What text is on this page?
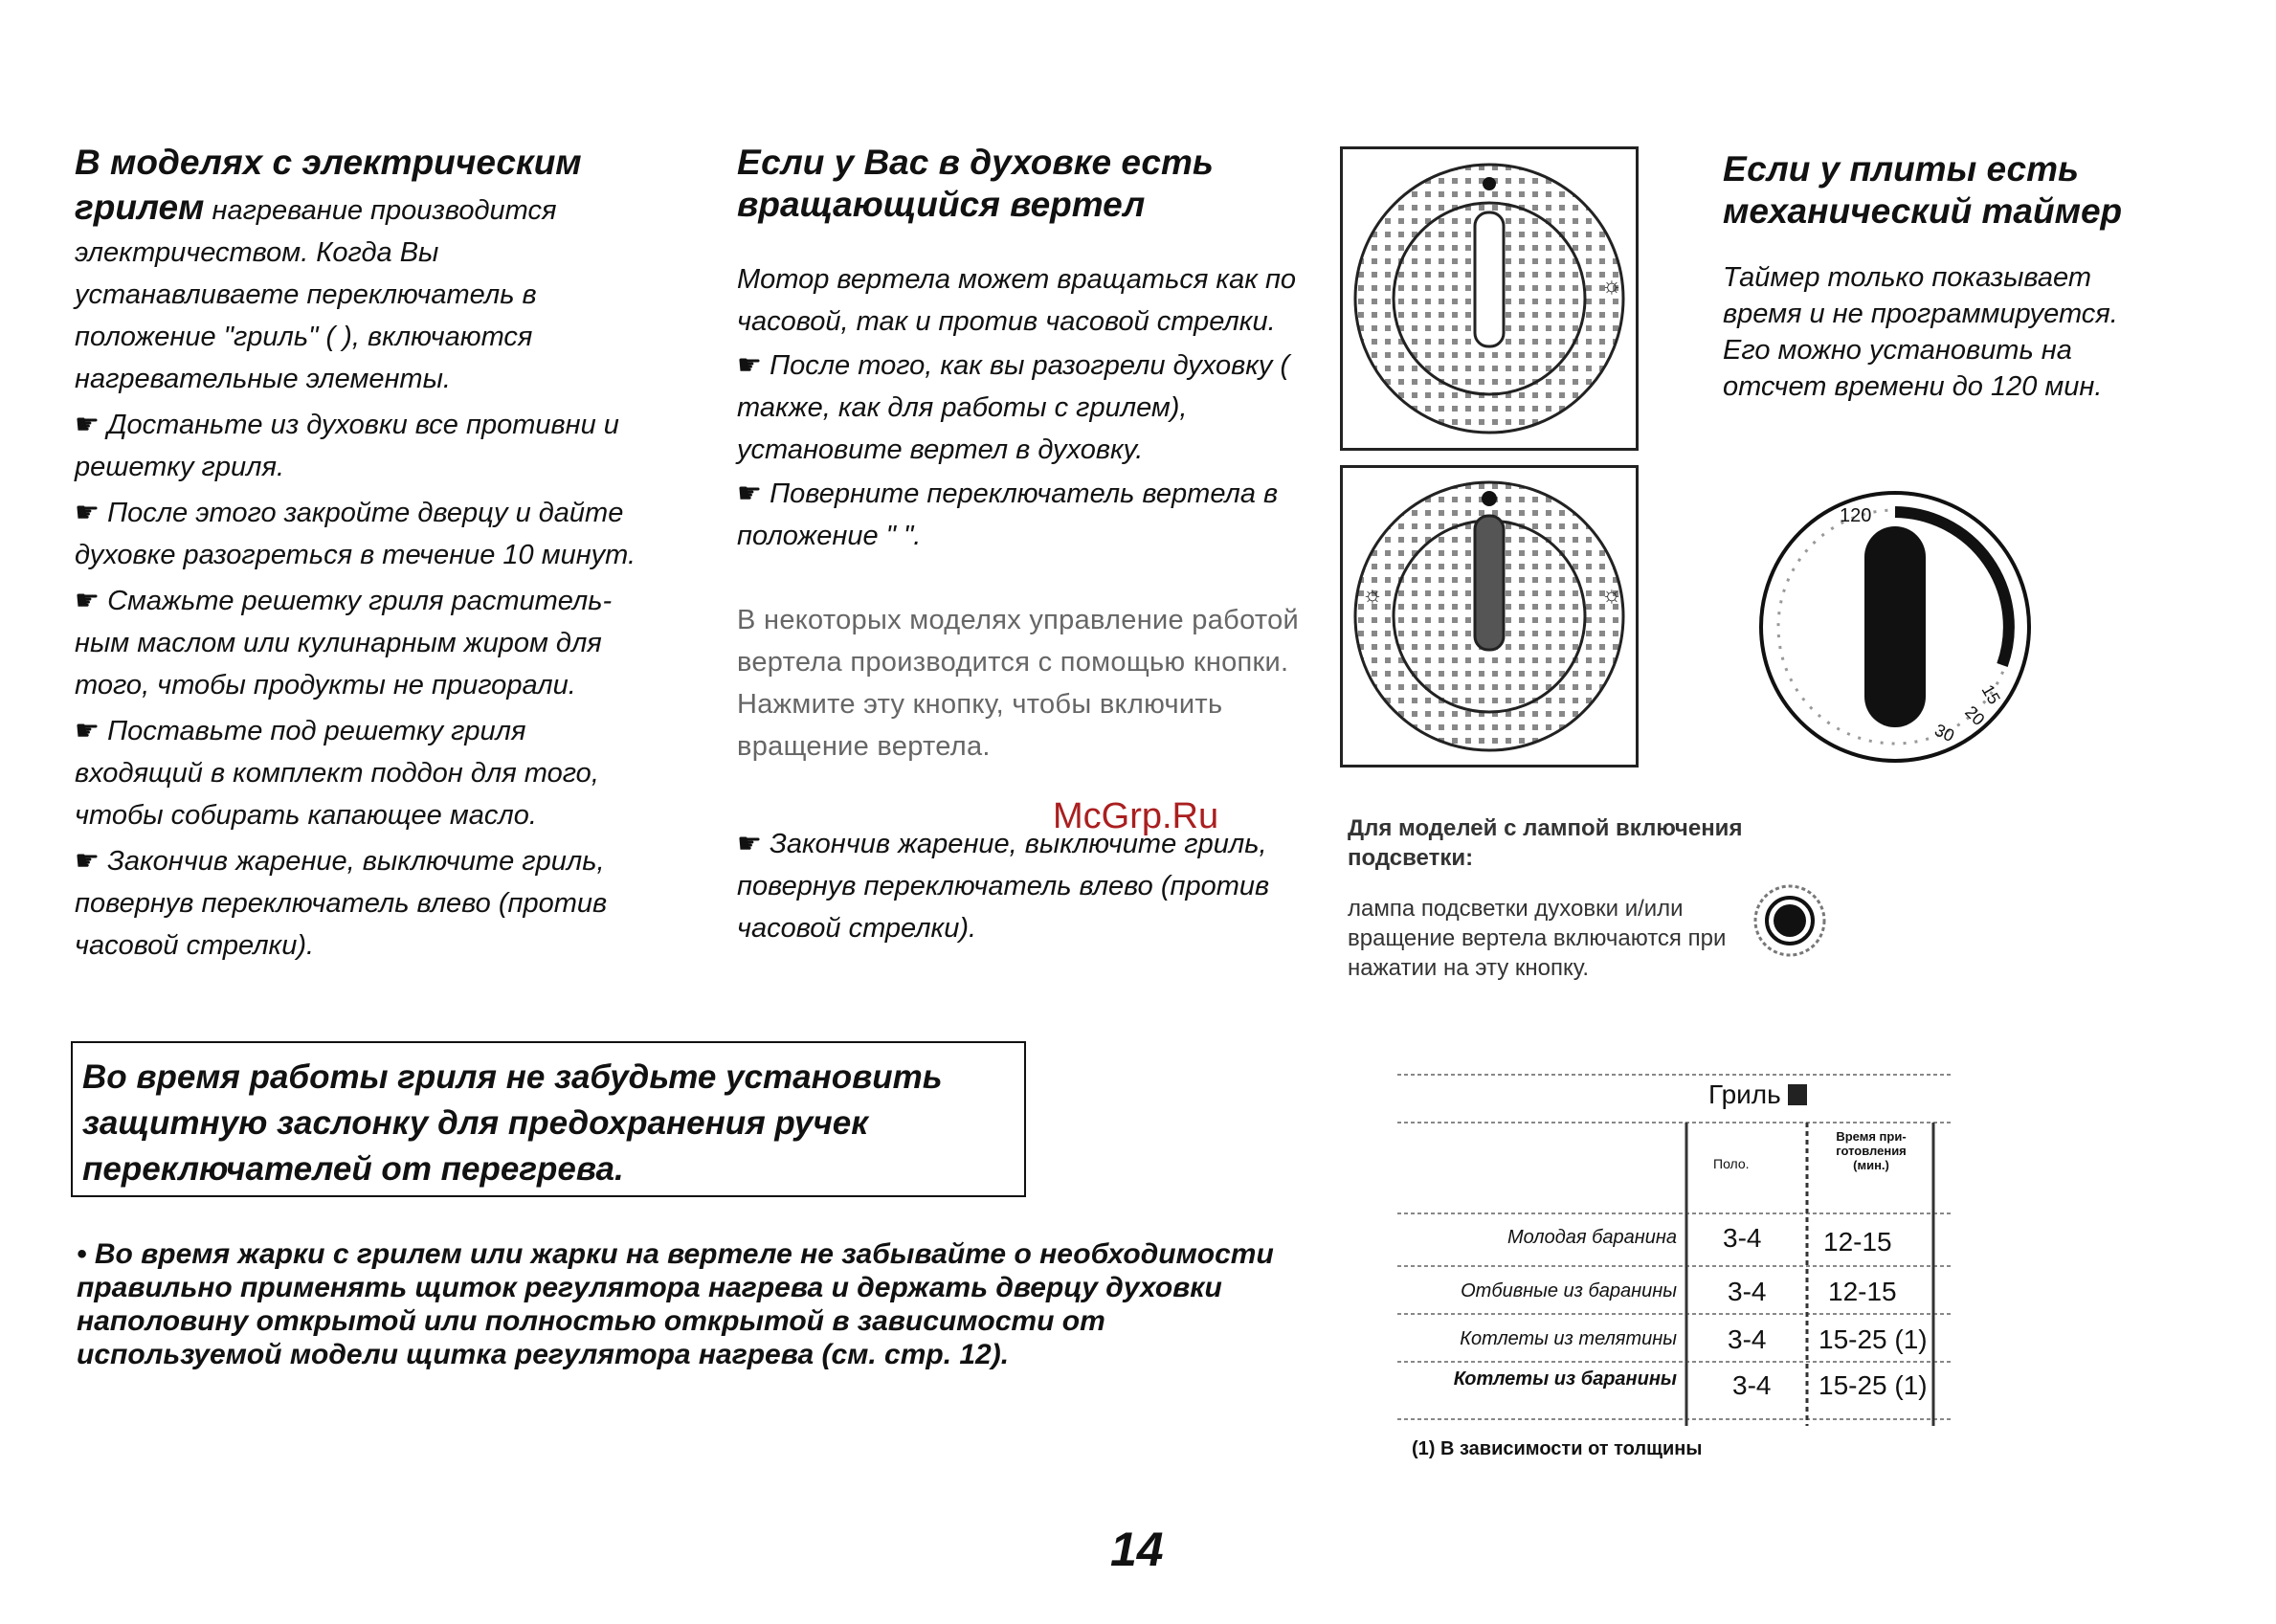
В моделях с электрическим грилем нагревание производится электричеством. Когда Вы устанавливаете переключатель в положение "гриль" ( ), включаются нагревательные элементы.

☛ Достаньте из духовки все противни и решетку гриля.

☛ После этого закройте дверцу и дайте духовке разогреться в течение 10 минут.

☛ Смажьте решетку гриля раститель-ным маслом или кулинарным жиром для того, чтобы продукты не пригорали.

☛ Поставьте под решетку гриля входящий в комплект поддон для того, чтобы собирать капающее масло.

☛ Закончив жарение, выключите гриль, повернув переключатель влево (против часовой стрелки).

Если у Вас в духовке есть вращающийся вертел

Мотор вертела может вращаться как по часовой, так и против часовой стрелки.

☛ После того, как вы разогрели духовку ( также, как для работы с грилем), установите вертел в духовку.

☛ Поверните переключатель вертела в положение " ".

В некоторых моделях управление работой вертела производится с помощью кнопки. Нажмите эту кнопку, чтобы включить вращение вертела.

☛ Закончив жарение, выключите гриль, повернув переключатель влево (против часовой стрелки).

☼
☼	☼
Если у плиты есть механический таймер

Таймер только показывает время и не программируется. Его можно установить на отсчет времени до 120 мин.

120
15
20
30

Для моделей с лампой включения подсветки:

лампа подсветки духовки и/или вращение вертела включаются при нажатии на эту кнопку.

Во время работы гриля не забудьте установить защитную заслонку для предохранения ручек переключателей от перегрева.
• Во время жарки с грилем или жарки на вертеле не забывайте о необходимости правильно применять щиток регулятора нагрева и держать дверцу духовки наполовину открытой или полностью открытой в зависимости от используемой модели щитка регулятора нагрева (см. стр. 12).
Гриль
Поло.
Время при- готовления (мин.)
Молодая баранина 3-4 12-15
Отбивные из баранины 3-4 12-15
Котлеты из телятины 3-4 15-25 (1)
Котлеты из баранины 3-4 15-25 (1)
(1) В зависимости от толщины
McGrp.Ru
14
